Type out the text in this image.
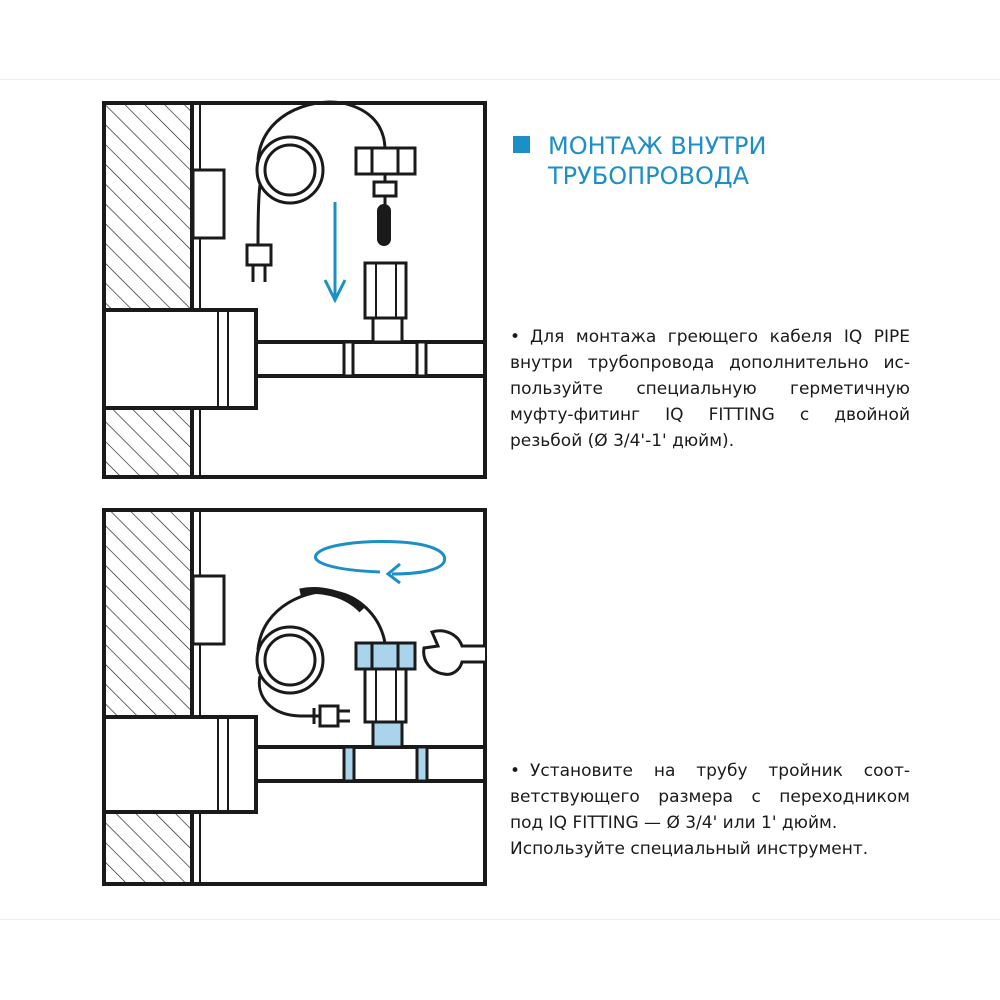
МОНТАЖ ВНУТРИ
ТРУБОПРОВОДА
• Для монтажа греющего кабеля IQ PIPE
внутри трубопровода дополнительно ис-
пользуйте специальную герметичную
муфту-фитинг IQ FITTING с двойной
резьбой (Ø 3/4'-1' дюйм).
• Установите на трубу тройник соот-
ветствующего размера с переходником
под IQ FITTING — Ø 3/4' или 1' дюйм.
Используйте специальный инструмент.
